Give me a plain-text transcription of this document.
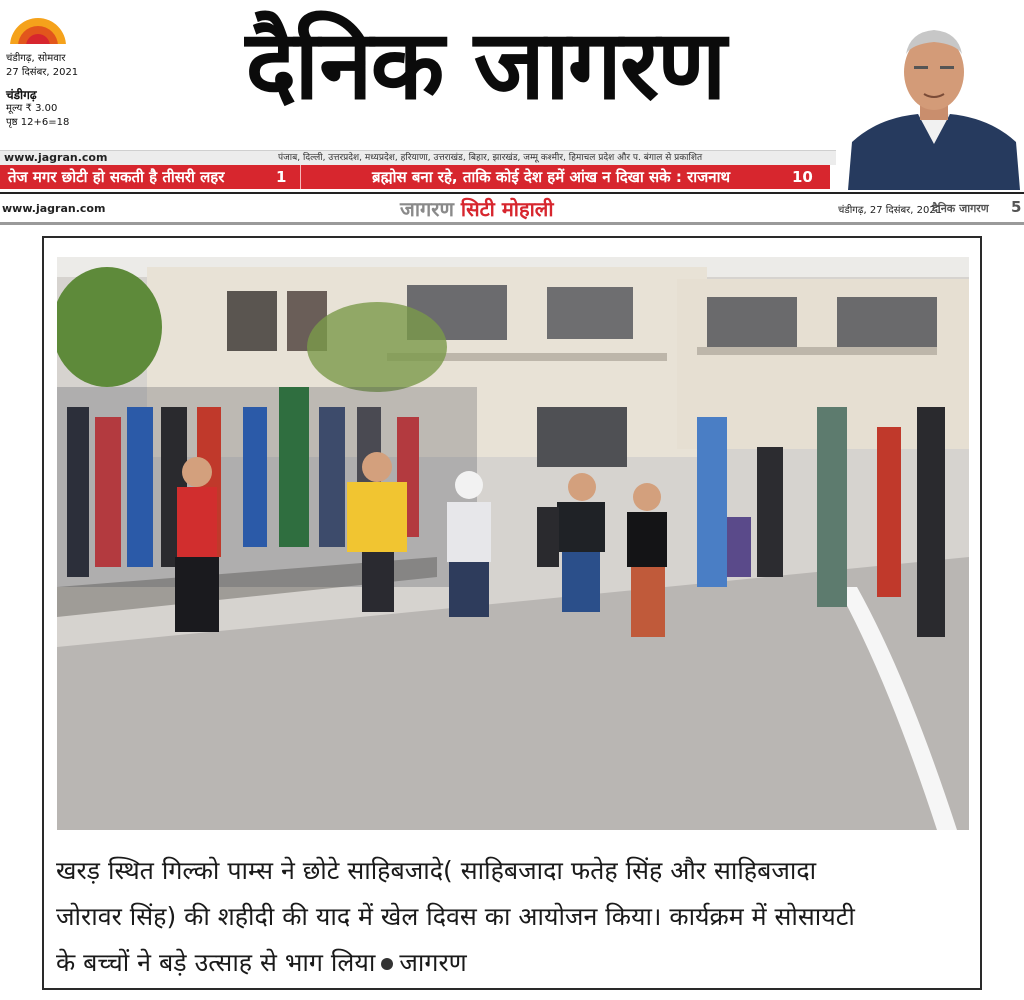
चंडीगढ़, सोमवार
27 दिसंबर, 2021
चंडीगढ़
मूल्य ₹ 3.00
पृष्ठ 12+6=18
दैनिक जागरण
www.jagran.com	पंजाब, दिल्ली, उत्तरप्रदेश, मध्यप्रदेश, हरियाणा, उत्तराखंड, बिहार, झारखंड, जम्मू कश्मीर, हिमाचल प्रदेश और प. बंगाल से प्रकाशित
तेज मगर छोटी हो सकती है तीसरी लहर	1	ब्रह्मोस बना रहे, ताकि कोई देश हमें आंख न दिखा सके : राजनाथ	10
www.jagran.com	जागरण सिटी मोहाली	चंडीगढ़, 27 दिसंबर, 2021
दैनिक जागरण 5
खरड़ स्थित गिल्को पाम्स ने छोटे साहिबजादे( साहिबजादा फतेह सिंह और साहिबजादा
जोरावर सिंह) की शहीदी की याद में खेल दिवस का आयोजन किया। कार्यक्रम में सोसायटी
के बच्चों ने बड़े उत्साह से भाग लिया जागरण
